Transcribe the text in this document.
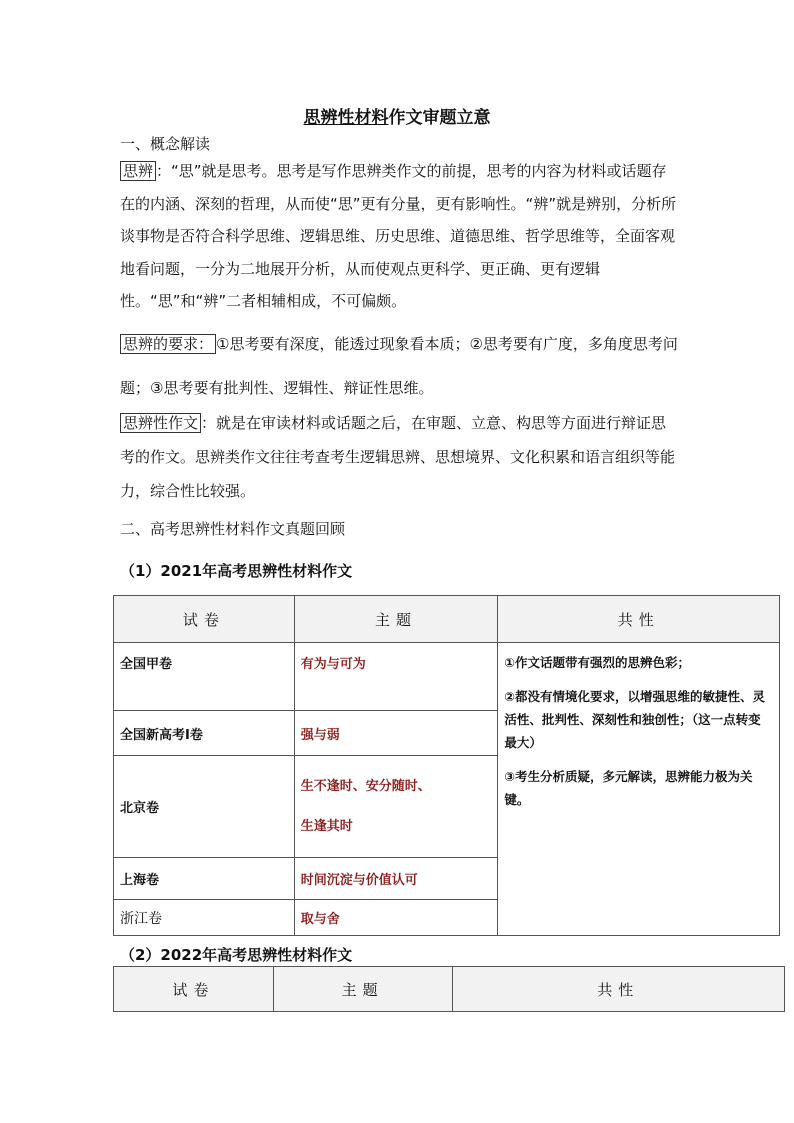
思辨性材料作文审题立意
一、概念解读
思辨 ：“思”就是思考。思考是写作思辨类作文的前提，思考的内容为材料或话题存在的内涵、深刻的哲理，从而使“思”更有分量，更有影响性。“辨”就是辨别，分析所谈事物是否符合科学思维、逻辑思维、历史思维、道德思维、哲学思维等，全面客观地看问题，一分为二地展开分析，从而使观点更科学、更正确、更有逻辑性。“思”和“辨”二者相辅相成，不可偏颇。
思辨的要求： ①思考要有深度，能透过现象看本质；②思考要有广度，多角度思考问题；③思考要有批判性、逻辑性、辩证性思维。
思辨性作文 ：就是在审读材料或话题之后，在审题、立意、构思等方面进行辩证思考的作文。思辨类作文往往考查考生逻辑思辨、思想境界、文化积累和语言组织等能力，综合性比较强。
二、高考思辨性材料作文真题回顾
（1）2021年高考思辨性材料作文
试卷	主题	共性
全国甲卷	有为与可为	①作文话题带有强烈的思辨色彩；

②都没有情境化要求，以增强思维的敏捷性、灵活性、批判性、深刻性和独创性；（这一点转变最大）

③考生分析质疑，多元解读，思辨能力极为关键。

全国新高考Ⅰ卷	强与弱	
北京卷	生不逢时、安分随时、
生逢其时	

上海卷	时间沉淀与价值认可	
浙江卷	取与舍	
（2）2022年高考思辨性材料作文
试卷	主题	共性
